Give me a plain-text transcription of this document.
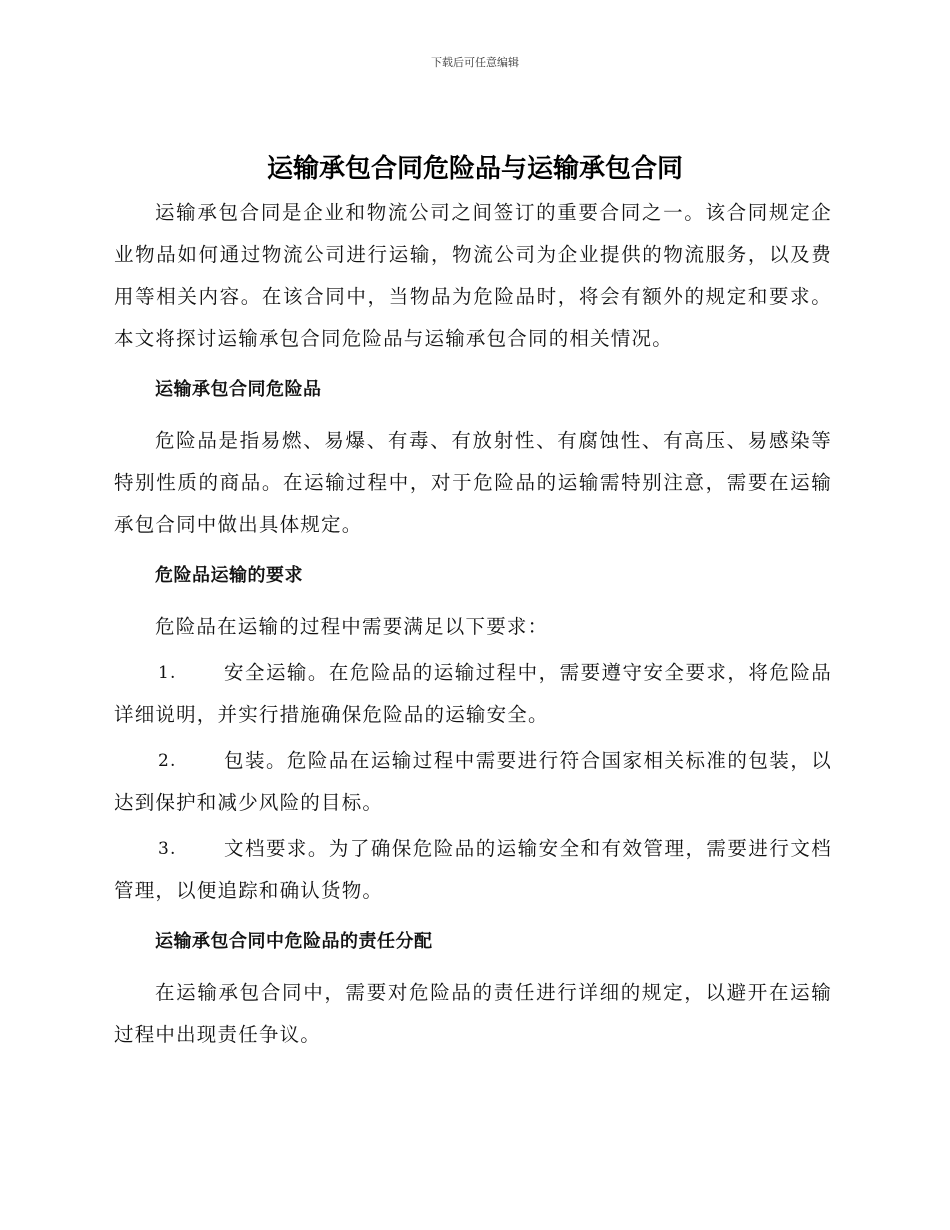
下载后可任意编辑
运输承包合同危险品与运输承包合同

运输承包合同是企业和物流公司之间签订的重要合同之一。该合同规定企业物品如何通过物流公司进行运输，物流公司为企业提供的物流服务，以及费用等相关内容。在该合同中，当物品为危险品时，将会有额外的规定和要求。本文将探讨运输承包合同危险品与运输承包合同的相关情况。

运输承包合同危险品

危险品是指易燃、易爆、有毒、有放射性、有腐蚀性、有高压、易感染等特别性质的商品。在运输过程中，对于危险品的运输需特别注意，需要在运输承包合同中做出具体规定。

危险品运输的要求

危险品在运输的过程中需要满足以下要求：

1. 安全运输。在危险品的运输过程中，需要遵守安全要求，将危险品详细说明，并实行措施确保危险品的运输安全。

2. 包装。危险品在运输过程中需要进行符合国家相关标准的包装，以达到保护和减少风险的目标。

3. 文档要求。为了确保危险品的运输安全和有效管理，需要进行文档管理，以便追踪和确认货物。

运输承包合同中危险品的责任分配

在运输承包合同中，需要对危险品的责任进行详细的规定，以避开在运输过程中出现责任争议。
